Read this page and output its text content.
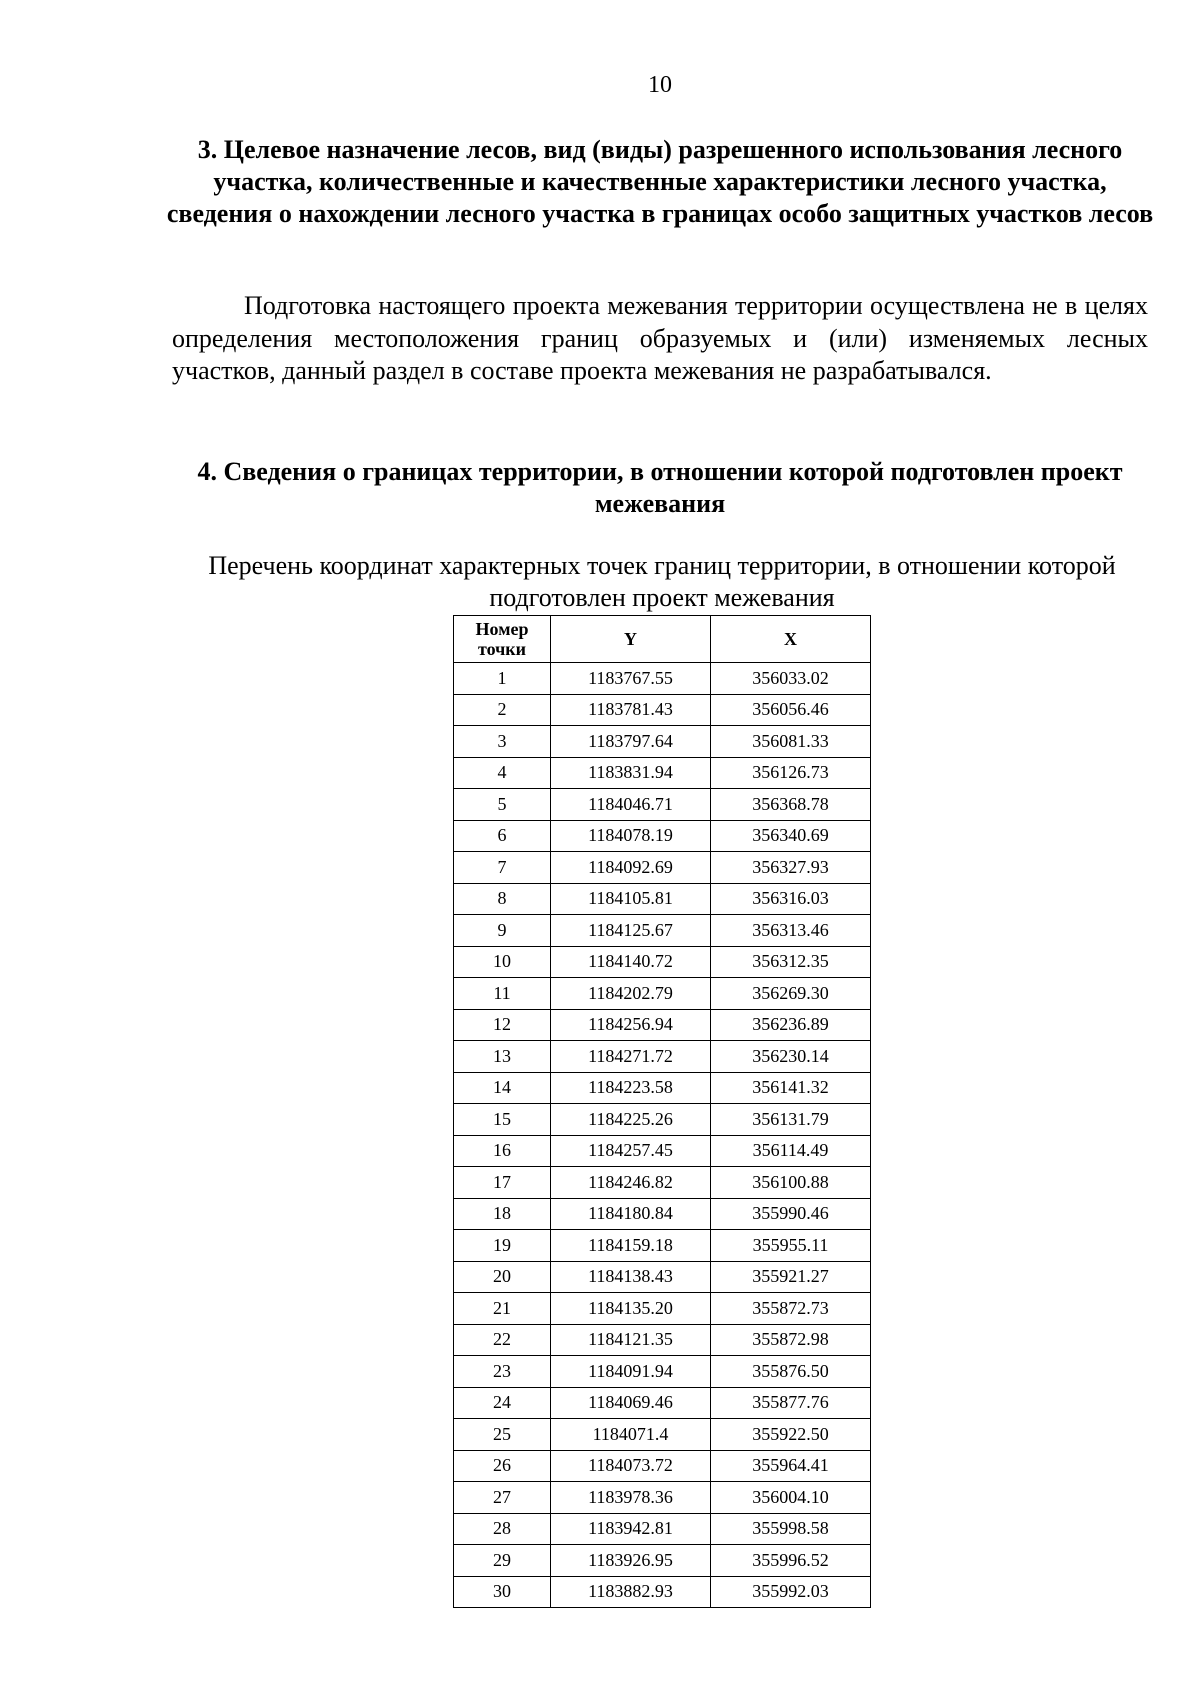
10
3. Целевое назначение лесов, вид (виды) разрешенного использования лесного участка, количественные и качественные характеристики лесного участка, сведения о нахождении лесного участка в границах особо защитных участков лесов
Подготовка настоящего проекта межевания территории осуществлена не в целях определения местоположения границ образуемых и (или) изменяемых лесных участков, данный раздел в составе проекта межевания не разрабатывался.
4. Сведения о границах территории, в отношении которой подготовлен проект межевания
Перечень координат характерных точек границ территории, в отношении которой подготовлен проект межевания
Номер точки	Y	X
1	1183767.55	356033.02
2	1183781.43	356056.46
3	1183797.64	356081.33
4	1183831.94	356126.73
5	1184046.71	356368.78
6	1184078.19	356340.69
7	1184092.69	356327.93
8	1184105.81	356316.03
9	1184125.67	356313.46
10	1184140.72	356312.35
11	1184202.79	356269.30
12	1184256.94	356236.89
13	1184271.72	356230.14
14	1184223.58	356141.32
15	1184225.26	356131.79
16	1184257.45	356114.49
17	1184246.82	356100.88
18	1184180.84	355990.46
19	1184159.18	355955.11
20	1184138.43	355921.27
21	1184135.20	355872.73
22	1184121.35	355872.98
23	1184091.94	355876.50
24	1184069.46	355877.76
25	1184071.4	355922.50
26	1184073.72	355964.41
27	1183978.36	356004.10
28	1183942.81	355998.58
29	1183926.95	355996.52
30	1183882.93	355992.03
